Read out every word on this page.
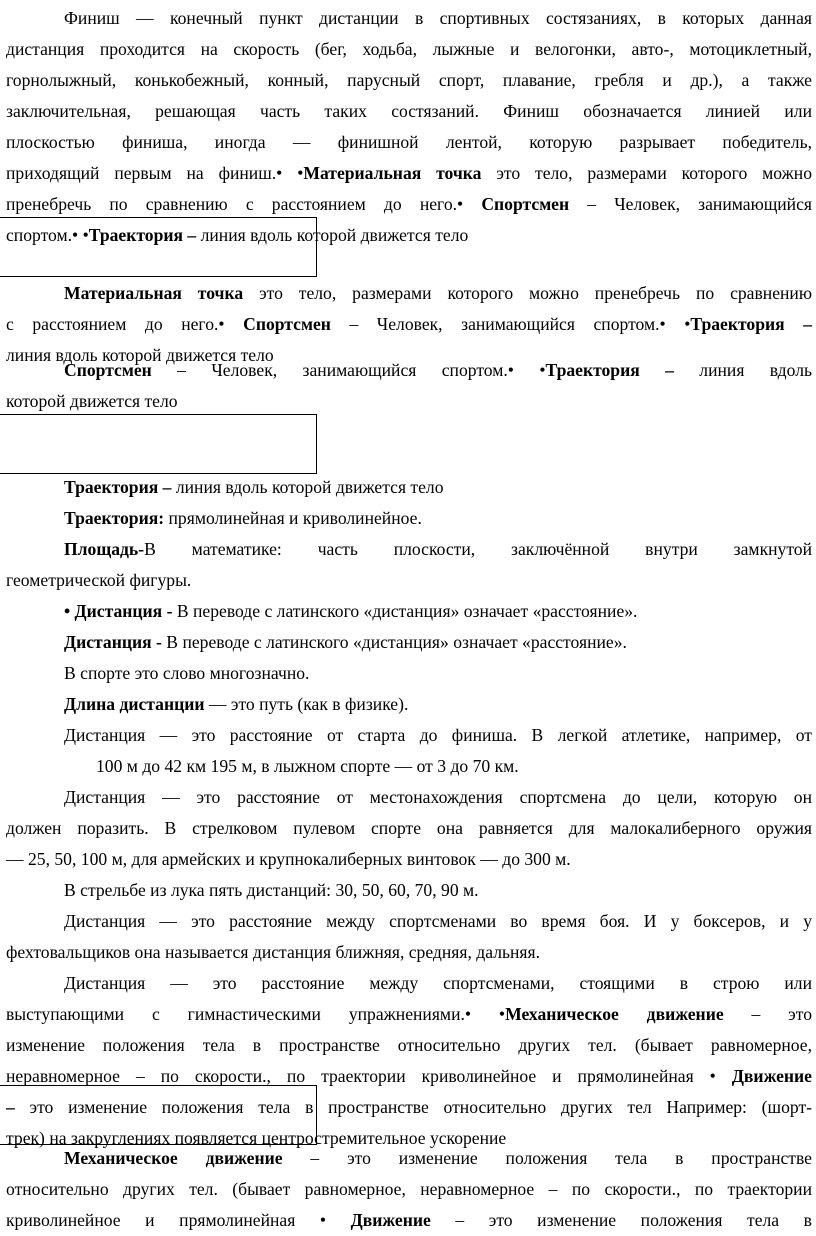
Финиш — конечный пункт дистанции в спортивных состязаниях, в которых данная
дистанция проходится на скорость (бег, ходьба, лыжные и велогонки, авто-, мотоциклетный,
горнолыжный, конькобежный, конный, парусный спорт, плавание, гребля и др.), а также
заключительная, решающая часть таких состязаний. Финиш обозначается линией или
плоскостью финиша, иногда — финишной лентой, которую разрывает победитель,
приходящий первым на финиш.• •Материальная точка это тело, размерами которого можно
пренебречь по сравнению с расстоянием до него.• Спортсмен – Человек, занимающийся
спортом.• •Траектория – линия вдоль которой движется тело
Материальная точка это тело, размерами которого можно пренебречь по сравнению
с расстоянием до него.• Спортсмен – Человек, занимающийся спортом.• •Траектория –
линия вдоль которой движется тело
Спортсмен – Человек, занимающийся спортом.• •Траектория – линия вдоль
которой движется тело
Траектория – линия вдоль которой движется тело
Траектория: прямолинейная и криволинейное.
Площадь-В математике: часть плоскости, заключённой внутри замкнутой
геометрической фигуры.
• Дистанция - В переводе с латинского «дистанция» означает «расстояние».
Дистанция - В переводе с латинского «дистанция» означает «расстояние».
В спорте это слово многозначно.
Длина дистанции — это путь (как в физике).
Дистанция — это расстояние от старта до финиша. В легкой атлетике, например, от
100 м до 42 км 195 м, в лыжном спорте — от 3 до 70 км.
Дистанция — это расстояние от местонахождения спортсмена до цели, которую он
должен поразить. В стрелковом пулевом спорте она равняется для малокалиберного оружия
— 25, 50, 100 м, для армейских и крупнокалиберных винтовок — до 300 м.
В стрельбе из лука пять дистанций: 30, 50, 60, 70, 90 м.
Дистанция — это расстояние между спортсменами во время боя. И у боксеров, и у
фехтовальщиков она называется дистанция ближняя, средняя, дальняя.
Дистанция — это расстояние между спортсменами, стоящими в строю или
выступающими с гимнастическими упражнениями.• •Механическое движение – это
изменение положения тела в пространстве относительно других тел. (бывает равномерное,
неравномерное – по скорости., по траектории криволинейное и прямолинейная • Движение
– это изменение положения тела в пространстве относительно других тел Например: (шорт-
трек) на закруглениях появляется центростремительное ускорение
Механическое движение – это изменение положения тела в пространстве
относительно других тел. (бывает равномерное, неравномерное – по скорости., по траектории
криволинейное и прямолинейная • Движение – это изменение положения тела в
